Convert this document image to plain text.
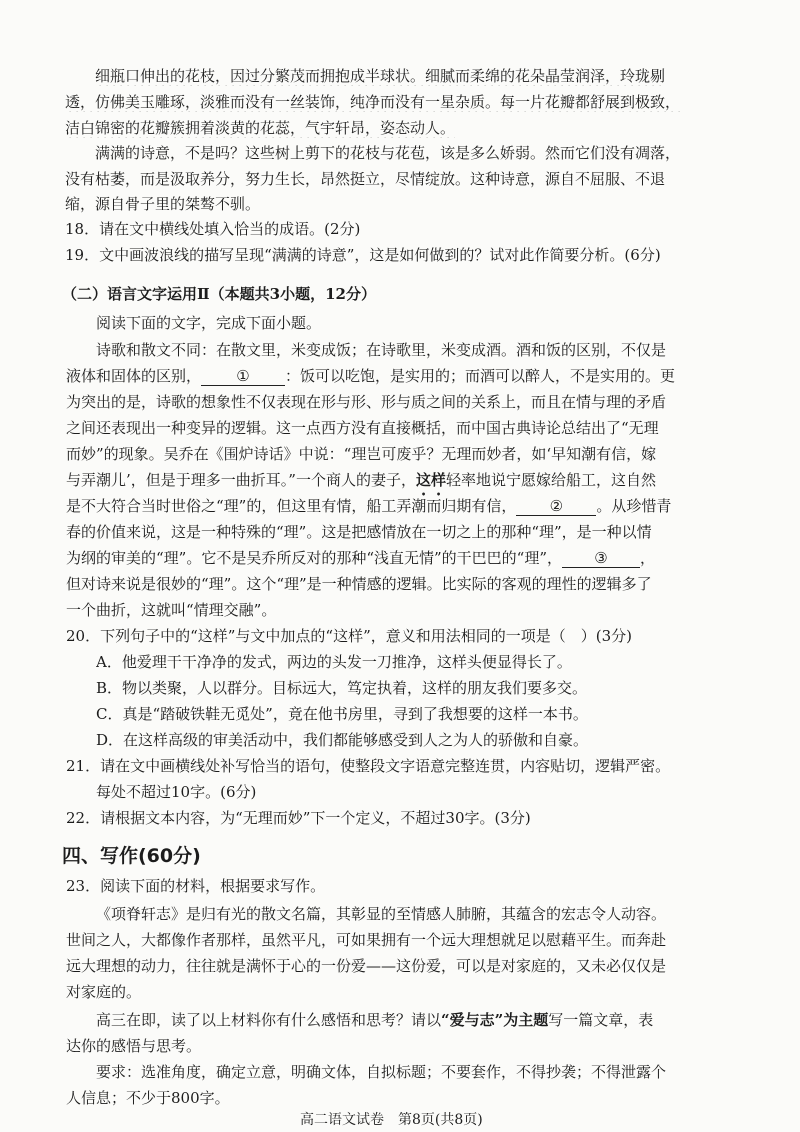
细瓶口伸出的花枝，因过分繁茂而拥抱成半球状。细腻而柔绵的花朵晶莹润泽，玲珑剔
透，仿佛美玉雕琢，淡雅而没有一丝装饰，纯净而没有一星杂质。每一片花瓣都舒展到极致，
洁白锦密的花瓣簇拥着淡黄的花蕊，气宇轩昂，姿态动人。
满满的诗意，不是吗？这些树上剪下的花枝与花苞，该是多么娇弱。然而它们没有凋落，
没有枯萎，而是汲取养分，努力生长，昂然挺立，尽情绽放。这种诗意，源自不屈服、不退
缩，源自骨子里的桀骜不驯。
18．请在文中横线处填入恰当的成语。(2分)
19．文中画波浪线的描写呈现“满满的诗意”，这是如何做到的？试对此作简要分析。(6分)
（二）语言文字运用Ⅱ（本题共3小题，12分）
阅读下面的文字，完成下面小题。
诗歌和散文不同：在散文里，米变成饭；在诗歌里，米变成酒。酒和饭的区别，不仅是
液体和固体的区别， ① ：饭可以吃饱，是实用的；而酒可以醉人，不是实用的。更
为突出的是，诗歌的想象性不仅表现在形与形、形与质之间的关系上，而且在情与理的矛盾
之间还表现出一种变异的逻辑。这一点西方没有直接概括，而中国古典诗论总结出了“无理
而妙”的现象。吴乔在《围炉诗话》中说：“理岂可废乎？无理而妙者，如‘早知潮有信，嫁
与弄潮儿’，但是于理多一曲折耳。”一个商人的妻子，这样轻率地说宁愿嫁给船工，这自然
是不大符合当时世俗之“理”的，但这里有情，船工弄潮而归期有信， ② 。从珍惜青
春的价值来说，这是一种特殊的“理”。这是把感情放在一切之上的那种“理”，是一种以情
为纲的审美的“理”。它不是吴乔所反对的那种“浅直无情”的干巴巴的“理”， ③ ，
但对诗来说是很妙的“理”。这个“理”是一种情感的逻辑。比实际的客观的理性的逻辑多了
一个曲折，这就叫“情理交融”。
20．下列句子中的“这样”与文中加点的“这样”，意义和用法相同的一项是（　）(3分)
A．他爱理干干净净的发式，两边的头发一刀推净，这样头便显得长了。
B．物以类聚，人以群分。目标远大，笃定执着，这样的朋友我们要多交。
C．真是“踏破铁鞋无觅处”，竟在他书房里，寻到了我想要的这样一本书。
D．在这样高级的审美活动中，我们都能够感受到人之为人的骄傲和自豪。
21．请在文中画横线处补写恰当的语句，使整段文字语意完整连贯，内容贴切，逻辑严密。
每处不超过10字。(6分)
22．请根据文本内容，为“无理而妙”下一个定义，不超过30字。(3分)
四、写作(60分)
23．阅读下面的材料，根据要求写作。
《项脊轩志》是归有光的散文名篇，其彰显的至情感人肺腑，其蕴含的宏志令人动容。
世间之人，大都像作者那样，虽然平凡，可如果拥有一个远大理想就足以慰藉平生。而奔赴
远大理想的动力，往往就是满怀于心的一份爱——这份爱，可以是对家庭的，又未必仅仅是
对家庭的。
高三在即，读了以上材料你有什么感悟和思考？请以“爱与志”为主题写一篇文章，表
达你的感悟与思考。
要求：选准角度，确定立意，明确文体，自拟标题；不要套作，不得抄袭；不得泄露个
人信息；不少于800字。
高二语文试卷　第8页(共8页)
